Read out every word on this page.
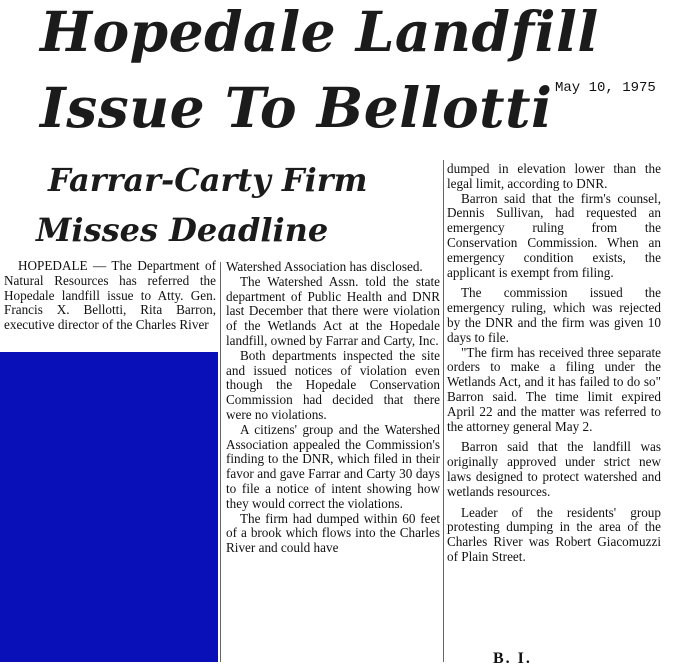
Hopedale Landfill
Issue To Bellotti May 10, 1975
Farrar-Carty Firm
Misses Deadline

HOPEDALE — The Department of Natural Resources has referred the Hopedale landfill issue to Atty. Gen. Francis X. Bellotti, Rita Barron, executive director of the Charles River

Watershed Association has disclosed.

The Watershed Assn. told the state department of Public Health and DNR last December that there were violation of the Wetlands Act at the Hopedale landfill, owned by Farrar and Carty, Inc.

Both departments inspected the site and issued notices of violation even though the Hopedale Conservation Commission had decided that there were no violations.

A citizens' group and the Watershed Association appealed the Commission's finding to the DNR, which filed in their favor and gave Farrar and Carty 30 days to file a notice of intent showing how they would correct the violations.

The firm had dumped within 60 feet of a brook which flows into the Charles River and could have

dumped in elevation lower than the legal limit, according to DNR.

Barron said that the firm's counsel, Dennis Sullivan, had requested an emergency ruling from the Conservation Commission. When an emergency condition exists, the applicant is exempt from filing.

The commission issued the emergency ruling, which was rejected by the DNR and the firm was given 10 days to file.

"The firm has received three separate orders to make a filing under the Wetlands Act, and it has failed to do so" Barron said. The time limit expired April 22 and the matter was referred to the attorney general May 2.

Barron said that the landfill was originally approved under strict new laws designed to protect watershed and wetlands resources.

Leader of the residents' group protesting dumping in the area of the Charles River was Robert Giacomuzzi of Plain Street.

B. I.
